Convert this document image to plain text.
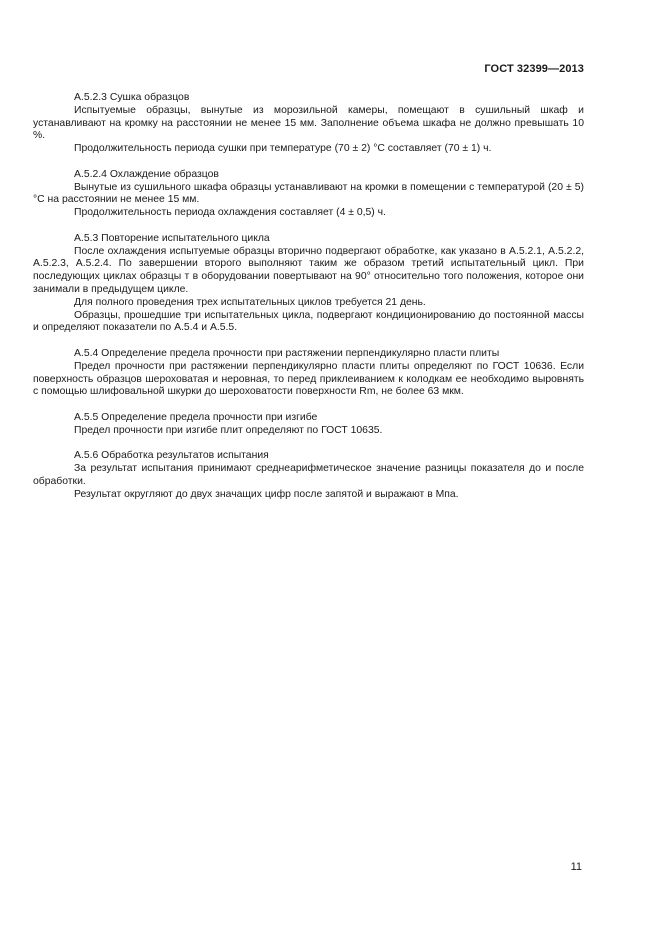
ГОСТ 32399—2013

А.5.2.3 Сушка образцов

Испытуемые образцы, вынутые из морозильной камеры, помещают в сушильный шкаф и устанавливают на кромку на расстоянии не менее 15 мм. Заполнение объема шкафа не должно превышать 10 %.

Продолжительность периода сушки при температуре (70 ± 2) °С составляет (70 ± 1) ч.

А.5.2.4 Охлаждение образцов

Вынутые из сушильного шкафа образцы устанавливают на кромки в помещении с температурой (20 ± 5) °С на расстоянии не менее 15 мм.

Продолжительность периода охлаждения составляет (4 ± 0,5) ч.

А.5.3 Повторение испытательного цикла

После охлаждения испытуемые образцы вторично подвергают обработке, как указано в А.5.2.1, А.5.2.2, А.5.2.3, А.5.2.4. По завершении второго выполняют таким же образом третий испытательный цикл. При последующих циклах образцы т в оборудовании повертывают на 90° относительно того положения, которое они занимали в предыдущем цикле.

Для полного проведения трех испытательных циклов требуется 21 день.

Образцы, прошедшие три испытательных цикла, подвергают кондиционированию до постоянной массы и определяют показатели по А.5.4 и А.5.5.

А.5.4 Определение предела прочности при растяжении перпендикулярно пласти плиты

Предел прочности при растяжении перпендикулярно пласти плиты определяют по ГОСТ 10636. Если поверхность образцов шероховатая и неровная, то перед приклеиванием к колодкам ее необходимо выровнять с помощью шлифовальной шкурки до шероховатости поверхности Rm, не более 63 мкм.

А.5.5 Определение предела прочности при изгибе

Предел прочности при изгибе плит определяют по ГОСТ 10635.

А.5.6 Обработка результатов испытания

За результат испытания принимают среднеарифметическое значение разницы показателя до и после обработки.

Результат округляют до двух значащих цифр после запятой и выражают в Мпа.

11
